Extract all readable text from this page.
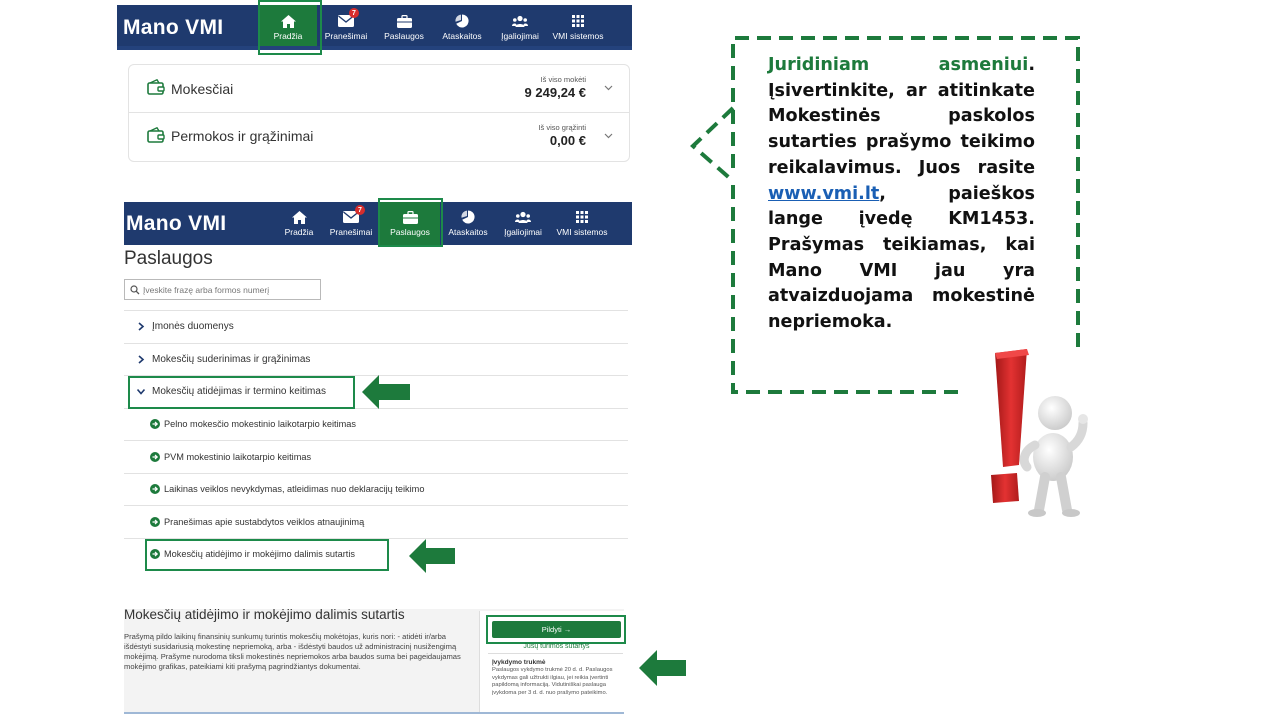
Mano VMI	Pradžia
7
Pranešimai Paslaugos Ataskaitos Įgaliojimai VMI sistemos
Mokesčiai
Iš viso mokėti
9 249,24 €
Permokos ir grąžinimai
Iš viso grąžinti
0,00 €
Mano VMI	Pradžia
7
Pranešimai Paslaugos Ataskaitos Įgaliojimai VMI sistemos
Paslaugos
Įveskite frazę arba formos numerį
Įmonės duomenys
Mokesčių suderinimas ir grąžinimas
Mokesčių atidėjimas ir termino keitimas
Pelno mokesčio mokestinio laikotarpio keitimas
PVM mokestinio laikotarpio keitimas
Laikinas veiklos nevykdymas, atleidimas nuo deklaracijų teikimo
Pranešimas apie sustabdytos veiklos atnaujinimą
Mokesčių atidėjimo ir mokėjimo dalimis sutartis
Mokesčių atidėjimo ir mokėjimo dalimis sutartis
Prašymą pildo laikinų finansinių sunkumų turintis mokesčių mokėtojas, kuris nori: - atidėti ir/arba išdėstyti susidariusią mokestinę nepriemoką, arba - išdėstyti baudos už administracinį nusižengimą mokėjimą. Prašyme nurodoma tiksli mokestinės nepriemokos arba baudos suma bei pageidaujamas mokėjimo grafikas, pateikiami kiti prašymą pagrindžiantys dokumentai.
Pildyti →
Jūsų turimos sutartys
Įvykdymo trukmė
Paslaugos vykdymo trukmė 20 d. d. Paslaugos vykdymas gali užtrukti ilgiau, jei reikia įvertinti papildomą informaciją. Vidutiniškai paslauga įvykdoma per 3 d. d. nuo prašymo pateikimo.
Juridiniam asmeniui. Įsivertinkite, ar atitinkate Mokestinės paskolos sutarties prašymo teikimo reikalavimus. Juos rasite www.vmi.lt, paieškos lange įvedę KM1453. Prašymas teikiamas, kai Mano VMI jau yra atvaizduojama mokestinė nepriemoka.
